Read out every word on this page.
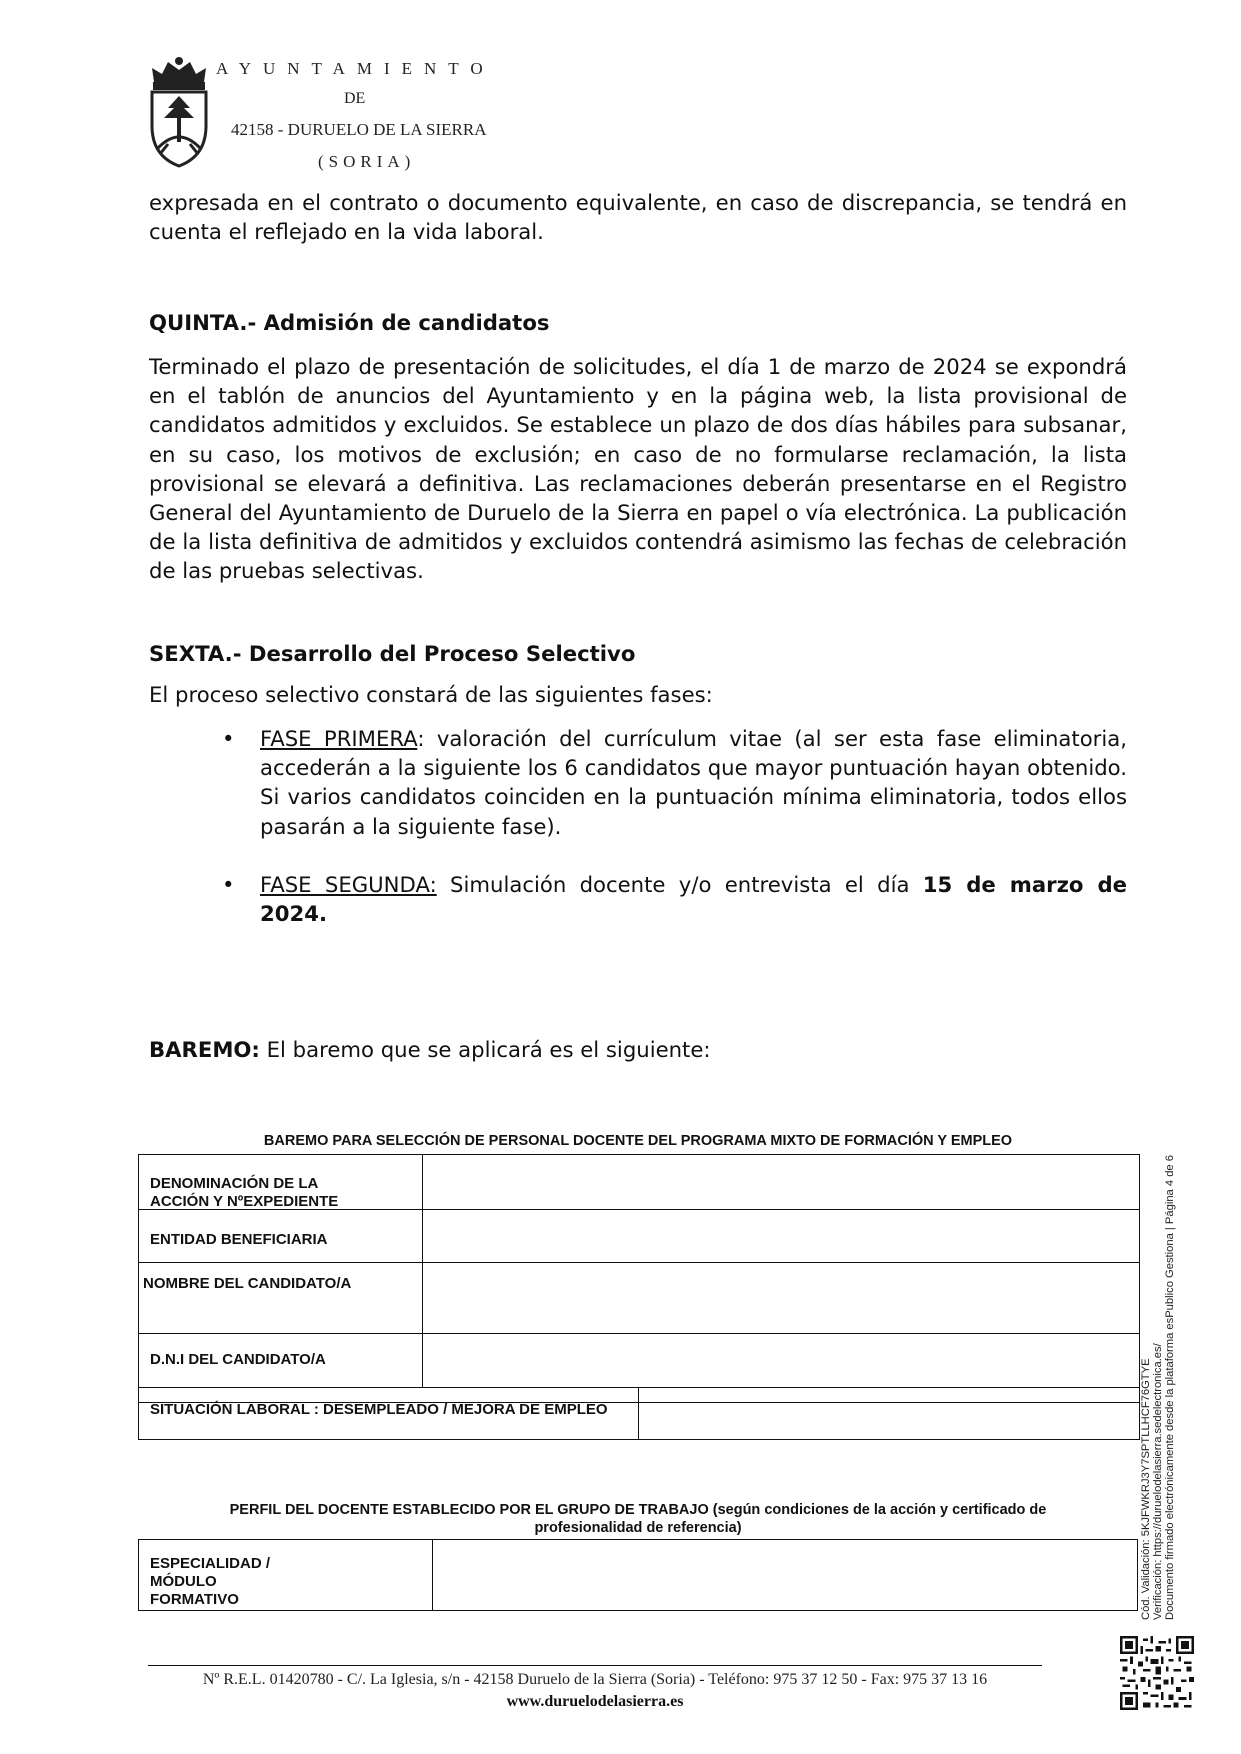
AYUNTAMIENTO
DE
42158 - DURUELO DE LA SIERRA
(SORIA)
expresada en el contrato o documento equivalente, en caso de discrepancia, se tendrá en cuenta el reflejado en la vida laboral.
QUINTA.- Admisión de candidatos
Terminado el plazo de presentación de solicitudes, el día 1 de marzo de 2024 se expondrá en el tablón de anuncios del Ayuntamiento y en la página web, la lista provisional de candidatos admitidos y excluidos. Se establece un plazo de dos días hábiles para subsanar, en su caso, los motivos de exclusión; en caso de no formularse reclamación, la lista provisional se elevará a definitiva. Las reclamaciones deberán presentarse en el Registro General del Ayuntamiento de Duruelo de la Sierra en papel o vía electrónica. La publicación de la lista definitiva de admitidos y excluidos contendrá asimismo las fechas de celebración de las pruebas selectivas.
SEXTA.- Desarrollo del Proceso Selectivo
El proceso selectivo constará de las siguientes fases:
• FASE PRIMERA: valoración del currículum vitae (al ser esta fase eliminatoria, accederán a la siguiente los 6 candidatos que mayor puntuación hayan obtenido. Si varios candidatos coinciden en la puntuación mínima eliminatoria, todos ellos pasarán a la siguiente fase).
• FASE SEGUNDA: Simulación docente y/o entrevista el día 15 de marzo de 2024.
BAREMO: El baremo que se aplicará es el siguiente:
BAREMO PARA SELECCIÓN DE PERSONAL DOCENTE DEL PROGRAMA MIXTO DE FORMACIÓN Y EMPLEO
DENOMINACIÓN DE LA
ACCIÓN Y NºEXPEDIENTE
ENTIDAD BENEFICIARIA
NOMBRE DEL CANDIDATO/A
D.N.I DEL CANDIDATO/A
SITUACIÓN LABORAL : DESEMPLEADO / MEJORA DE EMPLEO
PERFIL DEL DOCENTE ESTABLECIDO POR EL GRUPO DE TRABAJO (según condiciones de la acción y certificado de
profesionalidad de referencia)
ESPECIALIDAD /
MÓDULO
FORMATIVO	Cód. Validación: 5KJFWKRJ3Y7SPTLLHCF76GTYE Verificación: https://duruelodelasierra.sedelectronica.es/ Documento firmado electrónicamente desde la plataforma esPublico Gestiona | Página 4 de 6
Nº R.E.L. 01420780 - C/. La Iglesia, s/n - 42158 Duruelo de la Sierra (Soria) - Teléfono: 975 37 12 50 - Fax: 975 37 13 16
www.duruelodelasierra.es
